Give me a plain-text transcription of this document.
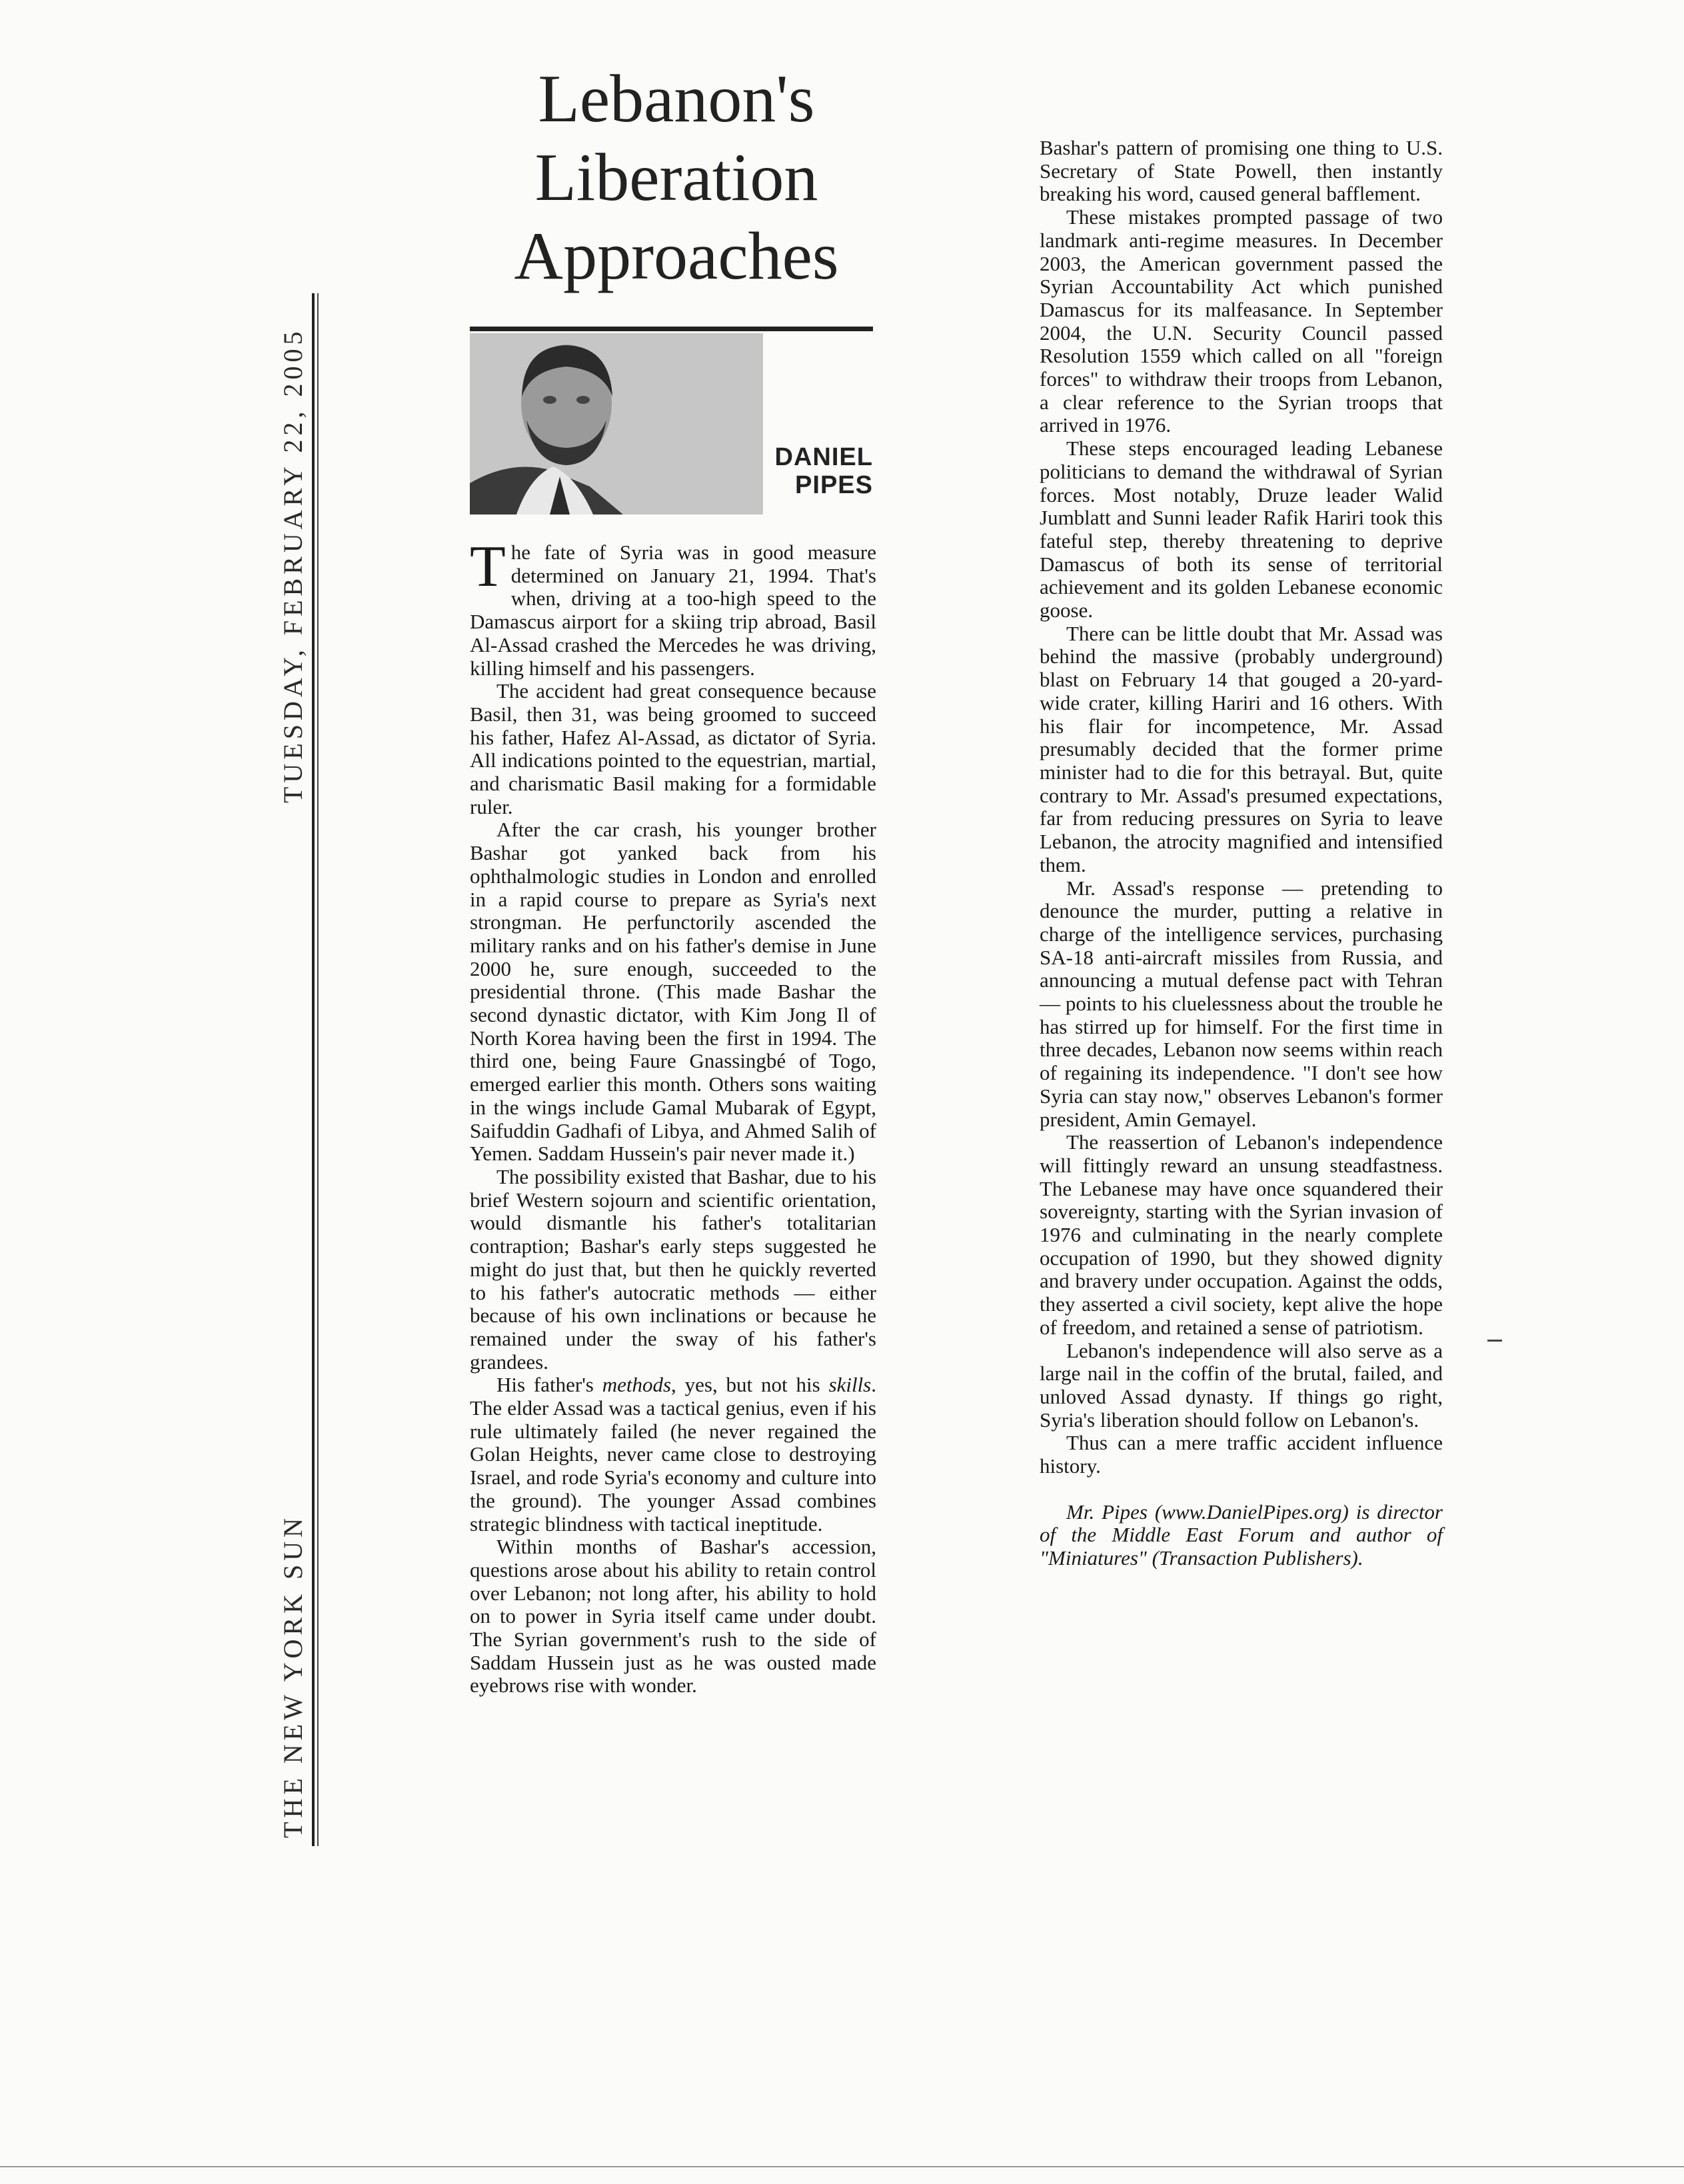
TUESDAY, FEBRUARY 22, 2005
THE NEW YORK SUN
Lebanon's Liberation Approaches
DANIEL
PIPES

The fate of Syria was in good measure determined on January 21, 1994. That's when, driving at a too-high speed to the Damascus airport for a skiing trip abroad, Basil Al-Assad crashed the Mercedes he was driving, killing himself and his passengers.

The accident had great consequence because Basil, then 31, was being groomed to succeed his father, Hafez Al-Assad, as dictator of Syria. All indications pointed to the equestrian, martial, and charismatic Basil making for a formidable ruler.

After the car crash, his younger brother Bashar got yanked back from his ophthalmologic studies in London and enrolled in a rapid course to prepare as Syria's next strongman. He perfunctorily ascended the military ranks and on his father's demise in June 2000 he, sure enough, succeeded to the presidential throne. (This made Bashar the second dynastic dictator, with Kim Jong Il of North Korea having been the first in 1994. The third one, being Faure Gnassingbé of Togo, emerged earlier this month. Others sons waiting in the wings include Gamal Mubarak of Egypt, Saifuddin Gadhafi of Libya, and Ahmed Salih of Yemen. Saddam Hussein's pair never made it.)

The possibility existed that Bashar, due to his brief Western sojourn and scientific orientation, would dismantle his father's totalitarian contraption; Bashar's early steps suggested he might do just that, but then he quickly reverted to his father's autocratic methods — either because of his own inclinations or because he remained under the sway of his father's grandees.

His father's methods, yes, but not his skills. The elder Assad was a tactical genius, even if his rule ultimately failed (he never regained the Golan Heights, never came close to destroying Israel, and rode Syria's economy and culture into the ground). The younger Assad combines strategic blindness with tactical ineptitude.

Within months of Bashar's accession, questions arose about his ability to retain control over Lebanon; not long after, his ability to hold on to power in Syria itself came under doubt. The Syrian government's rush to the side of Saddam Hussein just as he was ousted made eyebrows rise with wonder.

Bashar's pattern of promising one thing to U.S. Secretary of State Powell, then instantly breaking his word, caused general bafflement.

These mistakes prompted passage of two landmark anti-regime measures. In December 2003, the American government passed the Syrian Accountability Act which punished Damascus for its malfeasance. In September 2004, the U.N. Security Council passed Resolution 1559 which called on all "foreign forces" to withdraw their troops from Lebanon, a clear reference to the Syrian troops that arrived in 1976.

These steps encouraged leading Lebanese politicians to demand the withdrawal of Syrian forces. Most notably, Druze leader Walid Jumblatt and Sunni leader Rafik Hariri took this fateful step, thereby threatening to deprive Damascus of both its sense of territorial achievement and its golden Lebanese economic goose.

There can be little doubt that Mr. Assad was behind the massive (probably underground) blast on February 14 that gouged a 20-yard-wide crater, killing Hariri and 16 others. With his flair for incompetence, Mr. Assad presumably decided that the former prime minister had to die for this betrayal. But, quite contrary to Mr. Assad's presumed expectations, far from reducing pressures on Syria to leave Lebanon, the atrocity magnified and intensified them.

Mr. Assad's response — pretending to denounce the murder, putting a relative in charge of the intelligence services, purchasing SA-18 anti-aircraft missiles from Russia, and announcing a mutual defense pact with Tehran — points to his cluelessness about the trouble he has stirred up for himself. For the first time in three decades, Lebanon now seems within reach of regaining its independence. "I don't see how Syria can stay now," observes Lebanon's former president, Amin Gemayel.

The reassertion of Lebanon's independence will fittingly reward an unsung steadfastness. The Lebanese may have once squandered their sovereignty, starting with the Syrian invasion of 1976 and culminating in the nearly complete occupation of 1990, but they showed dignity and bravery under occupation. Against the odds, they asserted a civil society, kept alive the hope of freedom, and retained a sense of patriotism.

Lebanon's independence will also serve as a large nail in the coffin of the brutal, failed, and unloved Assad dynasty. If things go right, Syria's liberation should follow on Lebanon's.

Thus can a mere traffic accident influence history.

Mr. Pipes (www.DanielPipes.org) is director of the Middle East Forum and author of "Miniatures" (Transaction Publishers).
